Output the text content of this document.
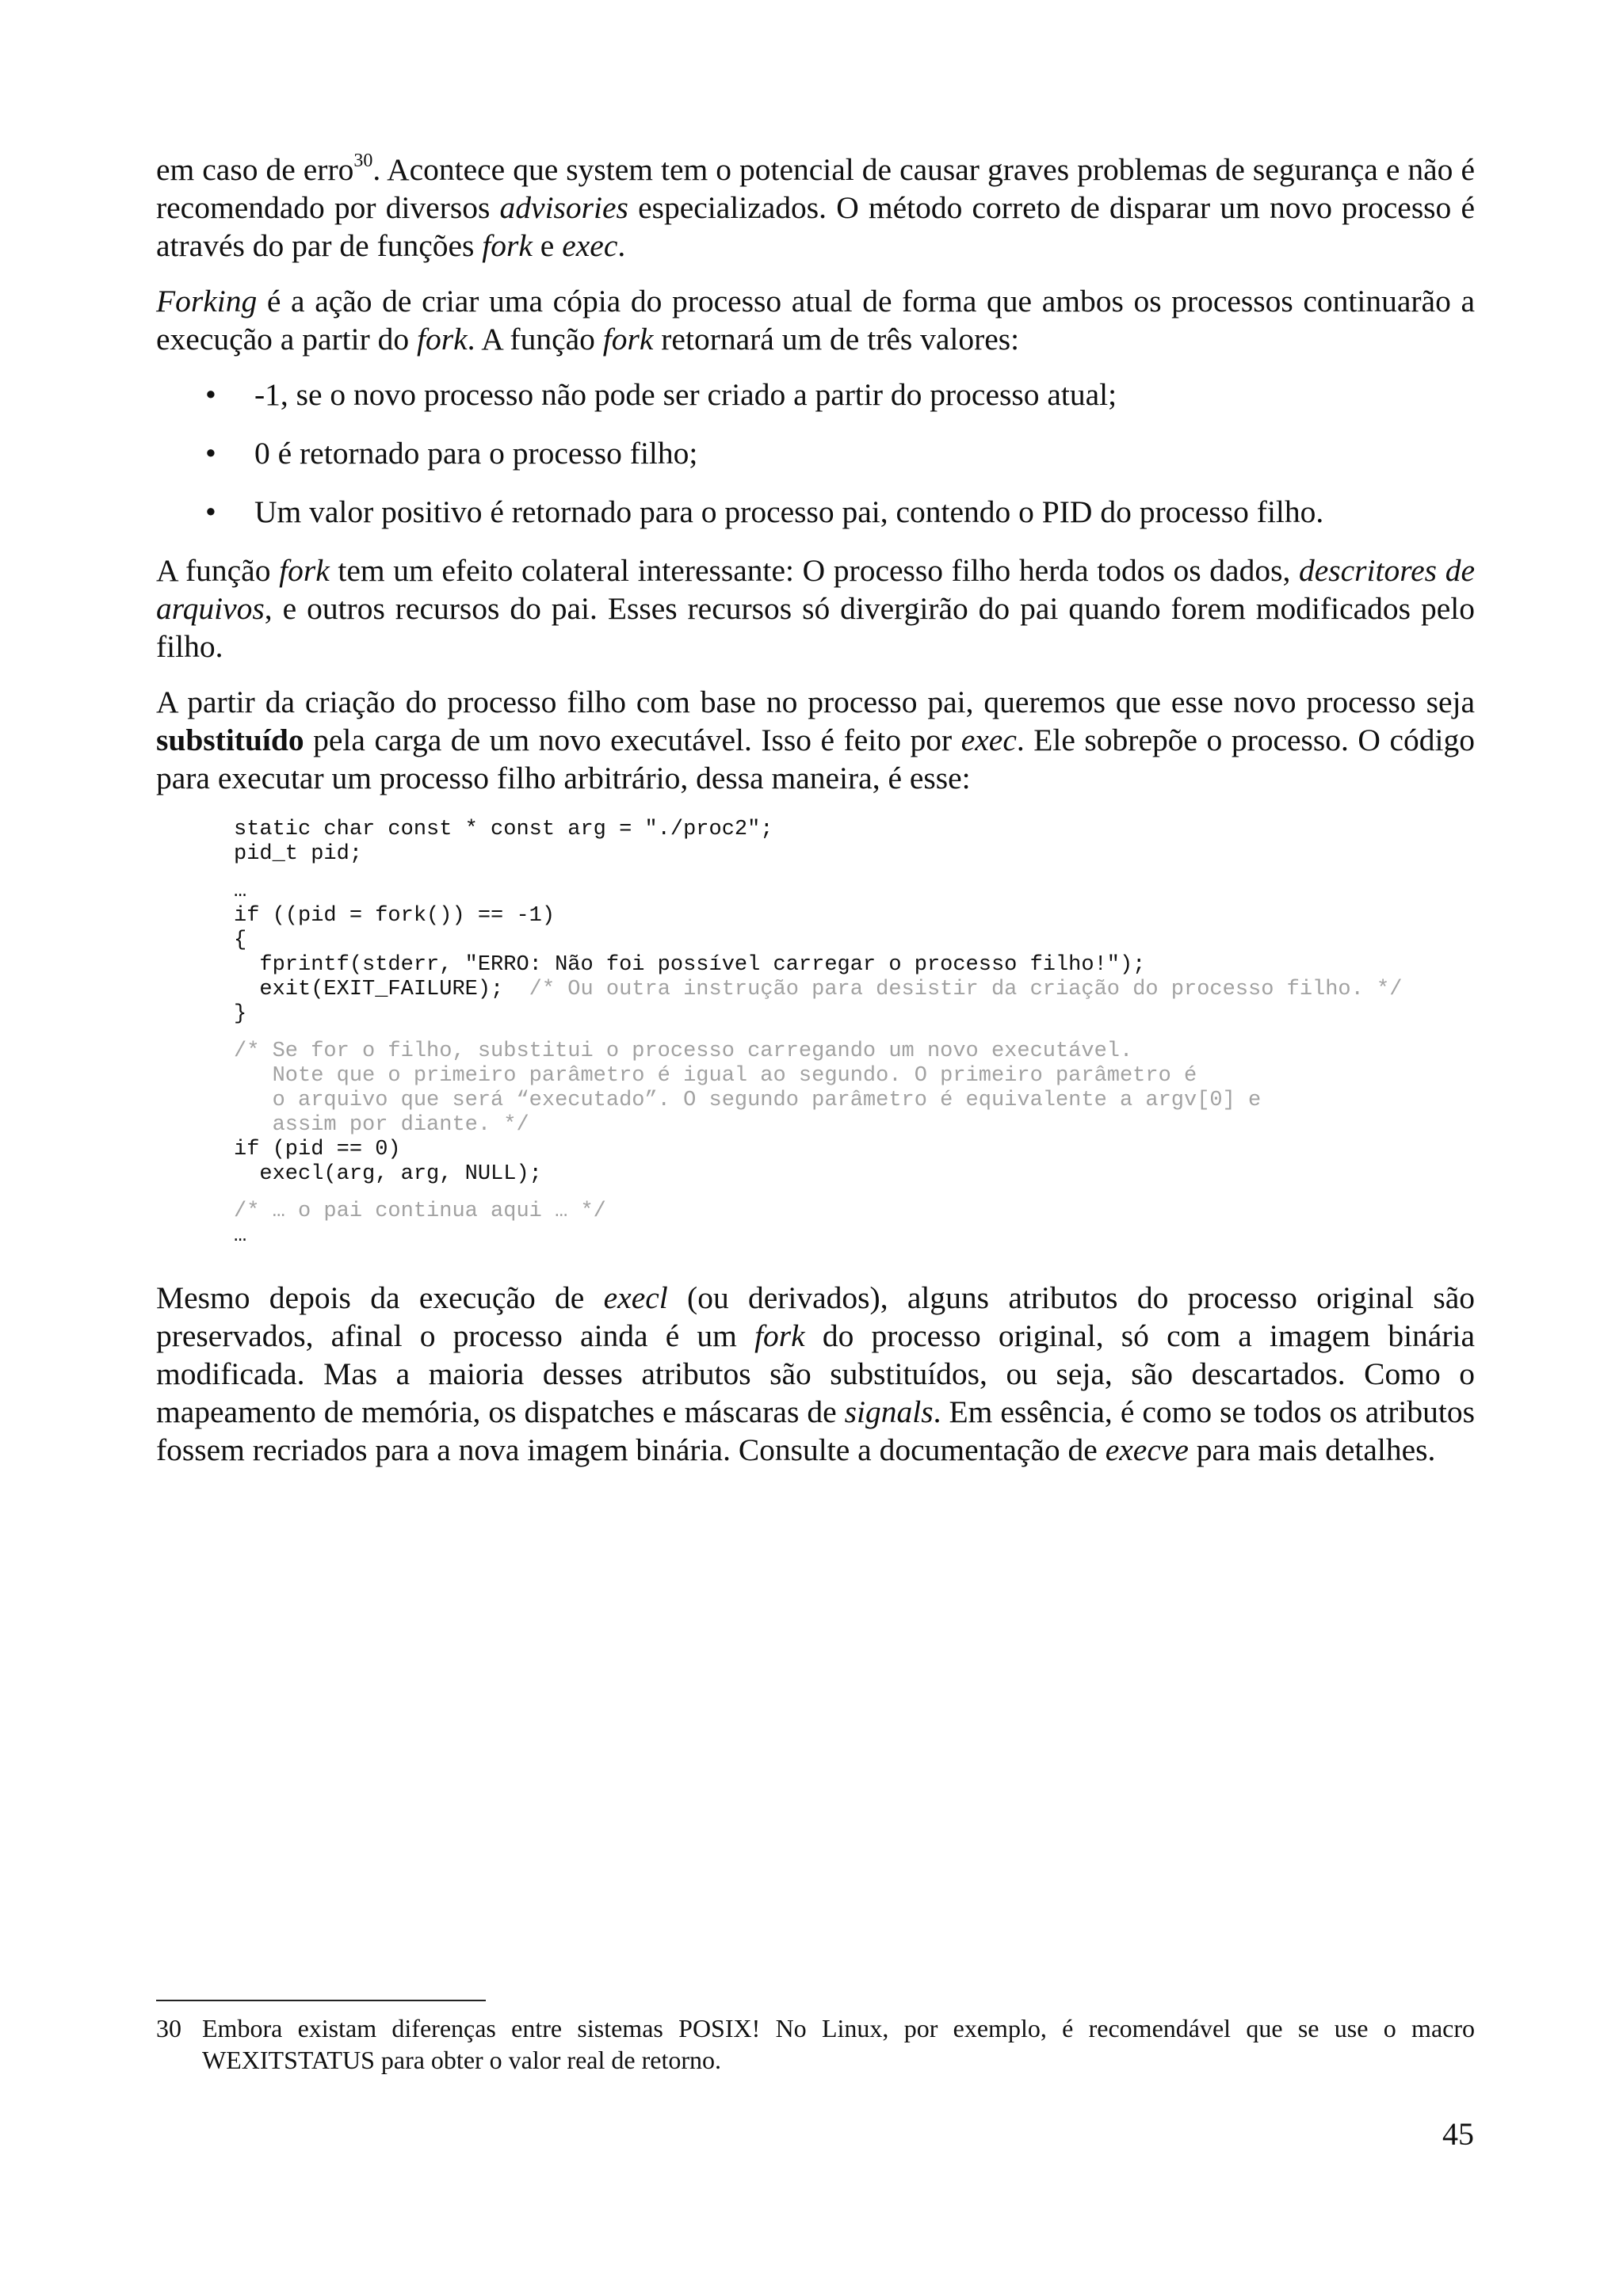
em caso de erro$^{30}$. Acontece que system tem o potencial de causar graves problemas de segurança e não é recomendado por diversos advisories especializados. O método correto de disparar um novo processo é através do par de funções fork e exec.

Forking é a ação de criar uma cópia do processo atual de forma que ambos os processos continuarão a execução a partir do fork. A função fork retornará um de três valores:

• -1, se o novo processo não pode ser criado a partir do processo atual;
• 0 é retornado para o processo filho;
• Um valor positivo é retornado para o processo pai, contendo o PID do processo filho.

A função fork tem um efeito colateral interessante: O processo filho herda todos os dados, descritores de arquivos, e outros recursos do pai. Esses recursos só divergirão do pai quando forem modificados pelo filho.

A partir da criação do processo filho com base no processo pai, queremos que esse novo processo seja substituído pela carga de um novo executável. Isso é feito por exec. Ele sobrepõe o processo. O código para executar um processo filho arbitrário, dessa maneira, é esse:

static char const * const arg = "./proc2";
pid_t pid;
…
if ((pid = fork()) == -1)
{
fprintf(stderr, "ERRO: Não foi possível carregar o processo filho!");
exit(EXIT_FAILURE);  /* Ou outra instrução para desistir da criação do processo filho. */
}
/* Se for o filho, substitui o processo carregando um novo executável.
Note que o primeiro parâmetro é igual ao segundo. O primeiro parâmetro é
o arquivo que será “executado”. O segundo parâmetro é equivalente a argv[0] e
assim por diante. */
if (pid == 0)
execl(arg, arg, NULL);
/* … o pai continua aqui … */
…

Mesmo depois da execução de execl (ou derivados), alguns atributos do processo original são preservados, afinal o processo ainda é um fork do processo original, só com a imagem binária modificada. Mas a maioria desses atributos são substituídos, ou seja, são descartados. Como o mapeamento de memória, os dispatches e máscaras de signals. Em essência, é como se todos os atributos fossem recriados para a nova imagem binária. Consulte a documentação de execve para mais detalhes.

30 Embora existam diferenças entre sistemas POSIX! No Linux, por exemplo, é recomendável que se use o macro WEXITSTATUS para obter o valor real de retorno.
45
